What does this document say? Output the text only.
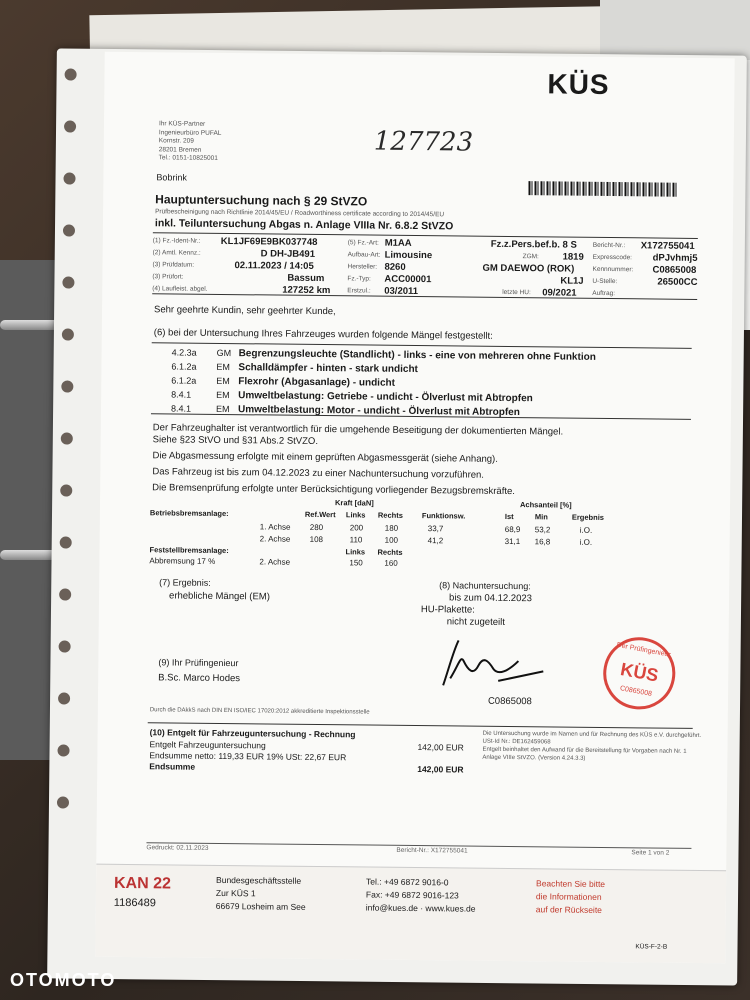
KÜS
Ihr KÜS-Partner
Ingenieurbüro PUFAL
Kornstr. 209
28201 Bremen
Tel.: 0151-10825001
127723
Bobrink
Hauptuntersuchung nach § 29 StVZO
Prüfbescheinigung nach Richtlinie 2014/45/EU / Roadworthiness certificate according to 2014/45/EU
inkl. Teiluntersuchung Abgas n. Anlage VIIIa Nr. 6.8.2 StVZO
(1) Fz.-Ident-Nr.: KL1JF69E9BK037748	(5) Fz.-Art: M1AA	Fz.z.Pers.bef.b. 8 S Bericht-Nr.: X172755041
(2) Amtl. Kennz.:	D DH-JB491	Aufbau-Art: Limousine	ZGM: 1819 Expresscode: dPJvhmj5
(3) Prüfdatum:	02.11.2023 / 14:05	Hersteller: 8260	GM DAEWOO (ROK)	Kennnummer: C0865008
(3) Prüfort:	Bassum	Fz.-Typ: ACC00001	KL1J U-Stelle:	26500CC
(4) Laufleist. abgel.	127252 km	Erstzul.: 03/2011	letzte HU: 09/2021 Auftrag:
Sehr geehrte Kundin, sehr geehrter Kunde,
(6) bei der Untersuchung Ihres Fahrzeuges wurden folgende Mängel festgestellt:
4.2.3a GM Begrenzungsleuchte (Standlicht) - links - eine von mehreren ohne Funktion
6.1.2a EM Schalldämpfer - hinten - stark undicht
6.1.2a EM Flexrohr (Abgasanlage) - undicht
8.4.1	EM Umweltbelastung: Getriebe - undicht - Ölverlust mit Abtropfen
8.4.1	EM Umweltbelastung: Motor - undicht - Ölverlust mit Abtropfen
Der Fahrzeughalter ist verantwortlich für die umgehende Beseitigung der dokumentierten Mängel.
Siehe §23 StVO und §31 Abs.2 StVZO.
Die Abgasmessung erfolgte mit einem geprüften Abgasmessgerät (siehe Anhang).
Das Fahrzeug ist bis zum 04.12.2023 zu einer Nachuntersuchung vorzuführen.
Die Bremsenprüfung erfolgte unter Berücksichtigung vorliegender Bezugsbremskräfte.
Kraft [daN]	Achsanteil [%]
Betriebsbremsanlage:	Ref.Wert Links Rechts	Funktionsw.	Ist	Min	Ergebnis
1. Achse 280	200	180	33,7	68,9 53,2	i.O.
2. Achse 108	110	100	41,2	31,1 16,8	i.O.
Feststellbremsanlage:	Links Rechts
Abbremsung 17 %	2. Achse	150	160
(7) Ergebnis:
erhebliche Mängel (EM)
(8) Nachuntersuchung:
bis zum 04.12.2023
HU-Plakette:
nicht zugeteilt
(9) Ihr Prüfingenieur
B.Sc. Marco Hodes
C0865008
Der Prüfingenieur
KÜS
C0865008
Durch die DAkkS nach DIN EN ISO/IEC 17020:2012 akkreditierte Inspektionsstelle
(10) Entgelt für Fahrzeuguntersuchung - Rechnung
Entgelt Fahrzeuguntersuchung	142,00 EUR
Endsumme netto: 119,33 EUR 19% USt: 22,67 EUR
Endsumme	142,00 EUR
Die Untersuchung wurde im Namen und für Rechnung des KÜS e.V. durchgeführt.
USt-Id Nr.: DE162459068
Entgelt beinhaltet den Aufwand für die Bereitstellung für Vorgaben nach Nr. 1
Anlage VIIIe StVZO. (Version 4.24.3.3)
Gedruckt: 02.11.2023	Bericht-Nr.: X172755041	Seite 1 von 2
KAN 22
1186489
Bundesgeschäftsstelle
Zur KÜS 1
66679 Losheim am See
Tel.: +49 6872 9016-0
Fax: +49 6872 9016-123
info@kues.de · www.kues.de
Beachten Sie bitte
die Informationen
auf der Rückseite
KÜS-F-2-B
OTOMOTO
